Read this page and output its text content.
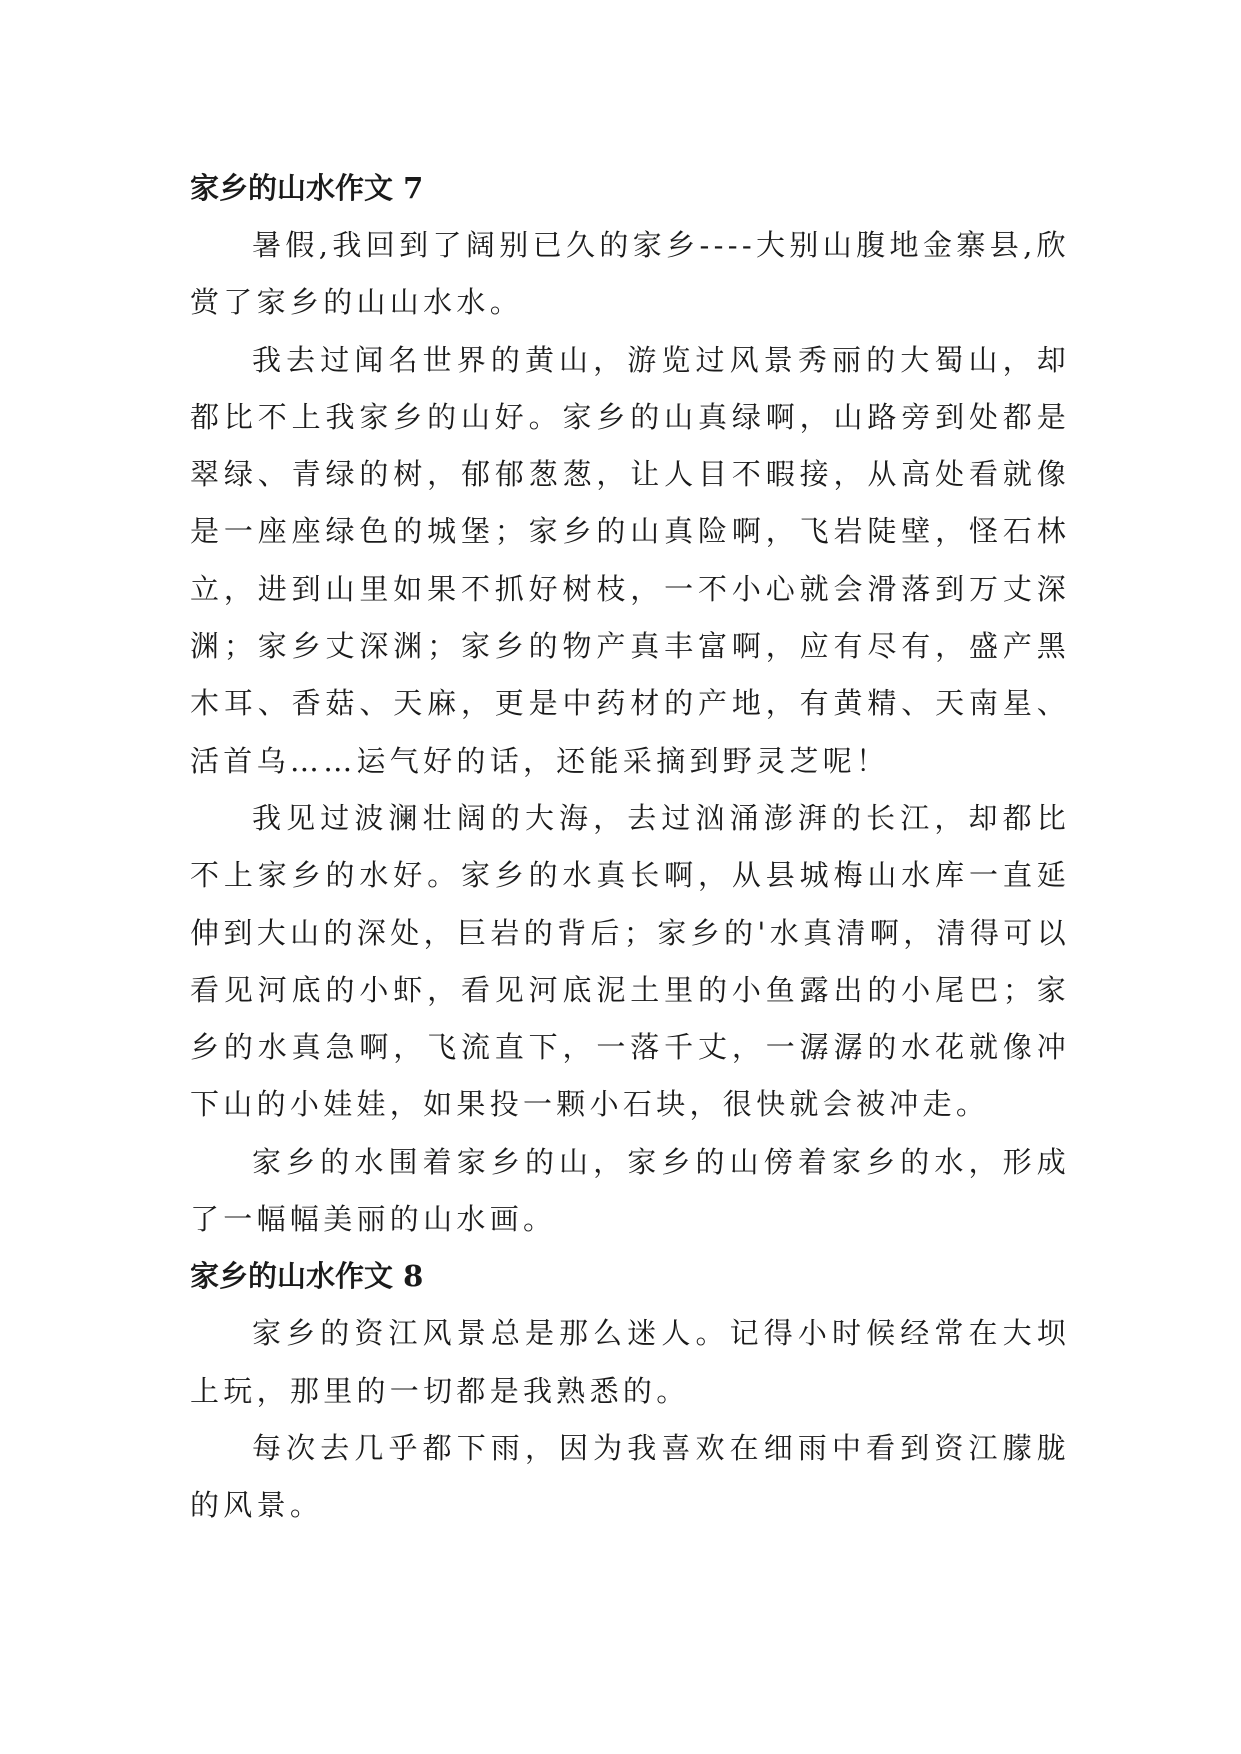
家乡的山水作文 7

暑假,我回到了阔别已久的家乡----大别山腹地金寨县,欣赏了家乡的山山水水。

我去过闻名世界的黄山，游览过风景秀丽的大蜀山，却都比不上我家乡的山好。家乡的山真绿啊，山路旁到处都是翠绿、青绿的树，郁郁葱葱，让人目不暇接，从高处看就像是一座座绿色的城堡；家乡的山真险啊，飞岩陡壁，怪石林立，进到山里如果不抓好树枝，一不小心就会滑落到万丈深渊；家乡丈深渊；家乡的物产真丰富啊，应有尽有，盛产黑木耳、香菇、天麻，更是中药材的产地，有黄精、天南星、活首乌……运气好的话，还能采摘到野灵芝呢！

我见过波澜壮阔的大海，去过汹涌澎湃的长江，却都比不上家乡的水好。家乡的水真长啊，从县城梅山水库一直延伸到大山的深处，巨岩的背后；家乡的'水真清啊，清得可以看见河底的小虾，看见河底泥土里的小鱼露出的小尾巴；家乡的水真急啊，飞流直下，一落千丈，一潺潺的水花就像冲下山的小娃娃，如果投一颗小石块，很快就会被冲走。

家乡的水围着家乡的山，家乡的山傍着家乡的水，形成了一幅幅美丽的山水画。

家乡的山水作文 8

家乡的资江风景总是那么迷人。记得小时候经常在大坝上玩，那里的一切都是我熟悉的。

每次去几乎都下雨，因为我喜欢在细雨中看到资江朦胧的风景。
